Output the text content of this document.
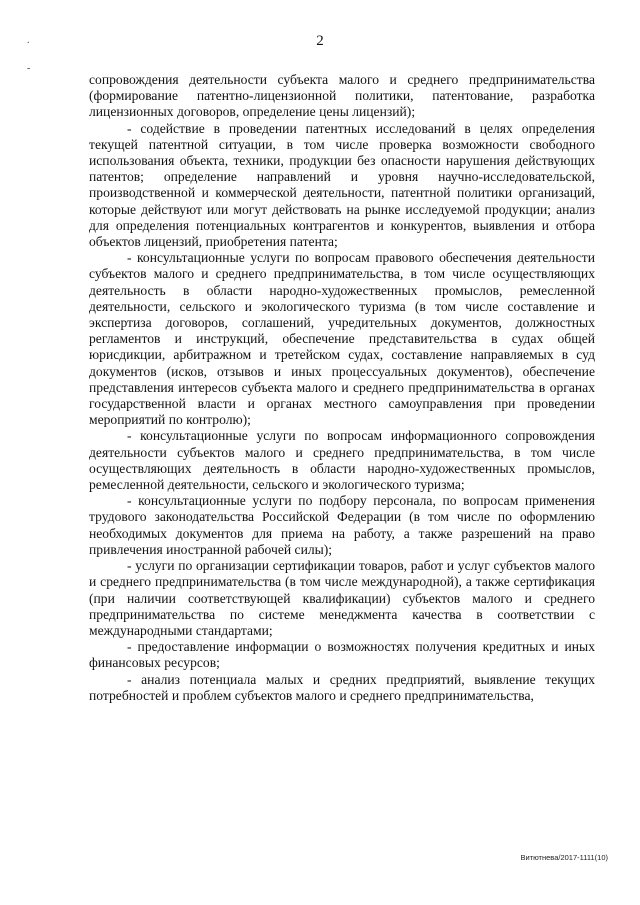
.
-
2

сопровождения деятельности субъекта малого и среднего предпринимательства (формирование патентно-лицензионной политики, патентование, разработка лицензионных договоров, определение цены лицензий);

- содействие в проведении патентных исследований в целях определения текущей патентной ситуации, в том числе проверка возможности свободного использования объекта, техники, продукции без опасности нарушения действующих патентов; определение направлений и уровня научно-исследовательской, производственной и коммерческой деятельности, патентной политики организаций, которые действуют или могут действовать на рынке исследуемой продукции; анализ для определения потенциальных контрагентов и конкурентов, выявления и отбора объектов лицензий, приобретения патента;

- консультационные услуги по вопросам правового обеспечения деятельности субъектов малого и среднего предпринимательства, в том числе осуществляющих деятельность в области народно-художественных промыслов, ремесленной деятельности, сельского и экологического туризма (в том числе составление и экспертиза договоров, соглашений, учредительных документов, должностных регламентов и инструкций, обеспечение представительства в судах общей юрисдикции, арбитражном и третейском судах, составление направляемых в суд документов (исков, отзывов и иных процессуальных документов), обеспечение представления интересов субъекта малого и среднего предпринимательства в органах государственной власти и органах местного самоуправления при проведении мероприятий по контролю);

- консультационные услуги по вопросам информационного сопровождения деятельности субъектов малого и среднего предпринимательства, в том числе осуществляющих деятельность в области народно-художественных промыслов, ремесленной деятельности, сельского и экологического туризма;

- консультационные услуги по подбору персонала, по вопросам применения трудового законодательства Российской Федерации (в том числе по оформлению необходимых документов для приема на работу, а также разрешений на право привлечения иностранной рабочей силы);

- услуги по организации сертификации товаров, работ и услуг субъектов малого и среднего предпринимательства (в том числе международной), а также сертификация (при наличии соответствующей квалификации) субъектов малого и среднего предпринимательства по системе менеджмента качества в соответствии с международными стандартами;

- предоставление информации о возможностях получения кредитных и иных финансовых ресурсов;

- анализ потенциала малых и средних предприятий, выявление текущих потребностей и проблем субъектов малого и среднего предпринимательства,

Витютнева/2017-1111(10)
